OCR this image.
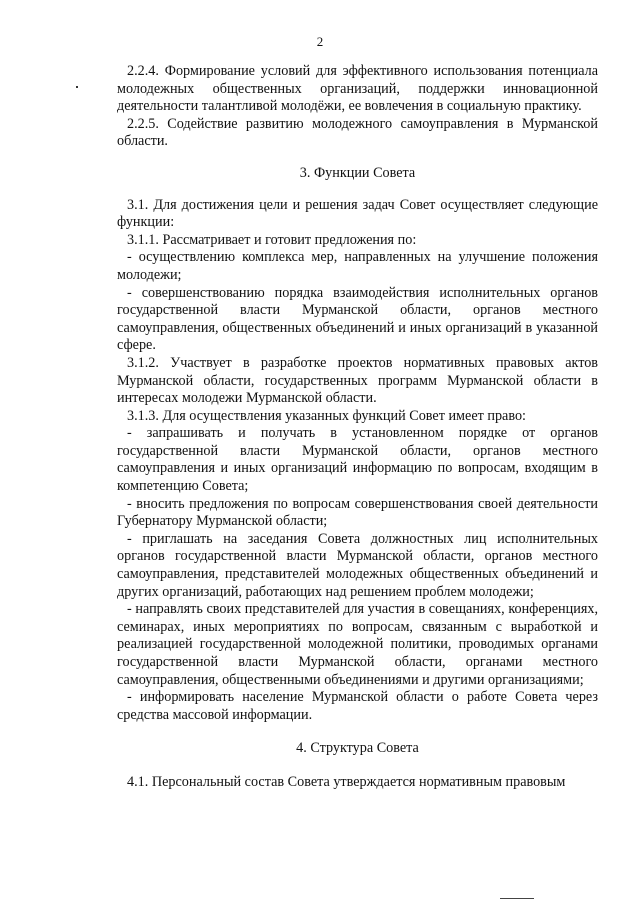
2

2.2.4. Формирование условий для эффективного использования потенциала молодежных общественных организаций, поддержки инновационной деятельности талантливой молодёжи, ее вовлечения в социальную практику.

2.2.5. Содействие развитию молодежного самоуправления в Мурманской области.

3. Функции Совета

3.1. Для достижения цели и решения задач Совет осуществляет следующие функции:

3.1.1. Рассматривает и готовит предложения по:

- осуществлению комплекса мер, направленных на улучшение положения молодежи;

- совершенствованию порядка взаимодействия исполнительных органов государственной власти Мурманской области, органов местного самоуправления, общественных объединений и иных организаций в указанной сфере.

3.1.2. Участвует в разработке проектов нормативных правовых актов Мурманской области, государственных программ Мурманской области в интересах молодежи Мурманской области.

3.1.3. Для осуществления указанных функций Совет имеет право:

- запрашивать и получать в установленном порядке от органов государственной власти Мурманской области, органов местного самоуправления и иных организаций информацию по вопросам, входящим в компетенцию Совета;

- вносить предложения по вопросам совершенствования своей деятельности Губернатору Мурманской области;

- приглашать на заседания Совета должностных лиц исполнительных органов государственной власти Мурманской области, органов местного самоуправления, представителей молодежных общественных объединений и других организаций, работающих над решением проблем молодежи;

- направлять своих представителей для участия в совещаниях, конференциях, семинарах, иных мероприятиях по вопросам, связанным с выработкой и реализацией государственной молодежной политики, проводимых органами государственной власти Мурманской области, органами местного самоуправления, общественными объединениями и другими организациями;

- информировать население Мурманской области о работе Совета через средства массовой информации.

4. Структура Совета

4.1. Персональный состав Совета утверждается нормативным правовым
